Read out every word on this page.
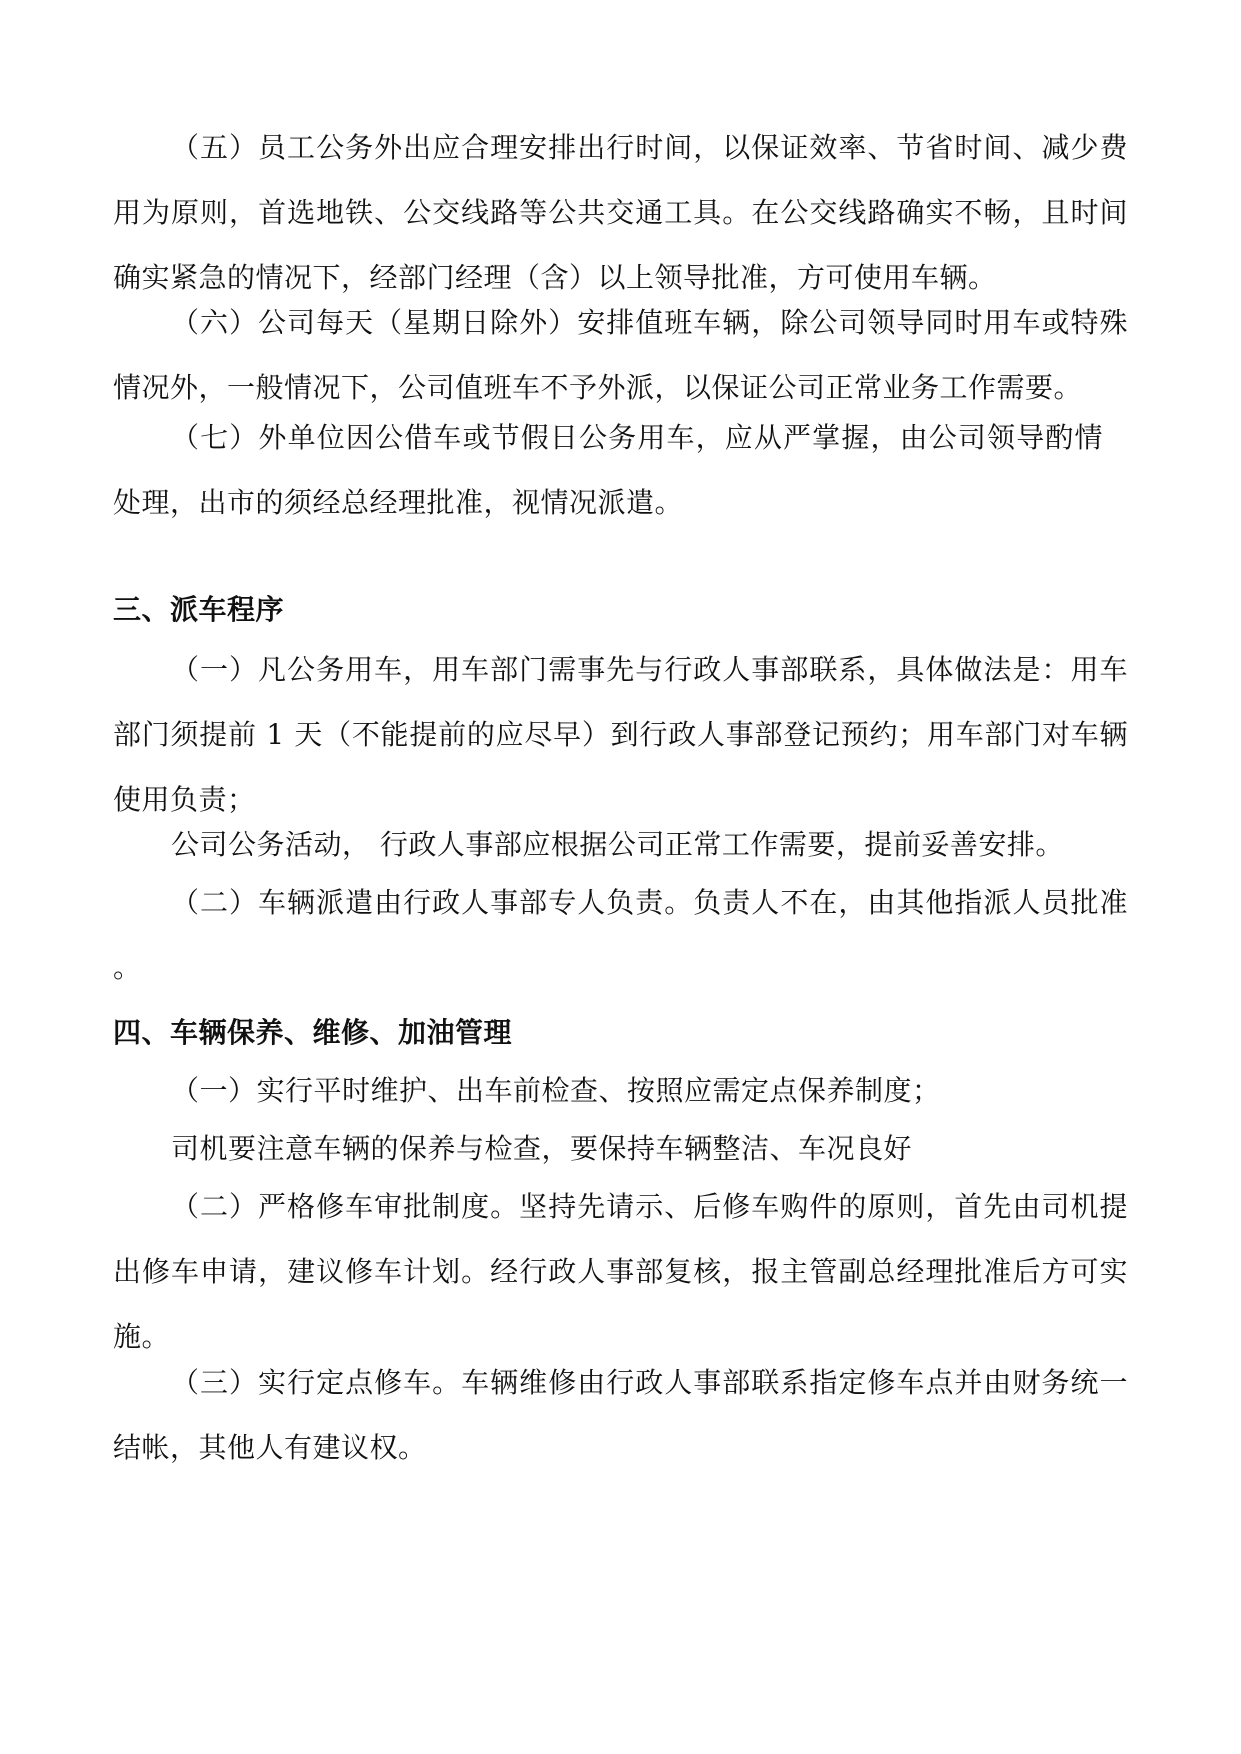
（五）员工公务外出应合理安排出行时间，以保证效率、节省时间、减少费用为原则，首选地铁、公交线路等公共交通工具。在公交线路确实不畅，且时间确实紧急的情况下，经部门经理（含）以上领导批准，方可使用车辆。

（六）公司每天（星期日除外）安排值班车辆，除公司领导同时用车或特殊情况外，一般情况下，公司值班车不予外派，以保证公司正常业务工作需要。

（七）外单位因公借车或节假日公务用车，应从严掌握，由公司领导酌情处理，出市的须经总经理批准，视情况派遣。

三、派车程序

（一）凡公务用车，用车部门需事先与行政人事部联系，具体做法是：用车部门须提前 1 天（不能提前的应尽早）到行政人事部登记预约；用车部门对车辆使用负责；

公司公务活动， 行政人事部应根据公司正常工作需要，提前妥善安排。

（二）车辆派遣由行政人事部专人负责。负责人不在，由其他指派人员批准 。

四、车辆保养、维修、加油管理

（一）实行平时维护、出车前检查、按照应需定点保养制度；

司机要注意车辆的保养与检查，要保持车辆整洁、车况良好

（二）严格修车审批制度。坚持先请示、后修车购件的原则，首先由司机提出修车申请，建议修车计划。经行政人事部复核，报主管副总经理批准后方可实施。

（三）实行定点修车。车辆维修由行政人事部联系指定修车点并由财务统一结帐，其他人有建议权。
